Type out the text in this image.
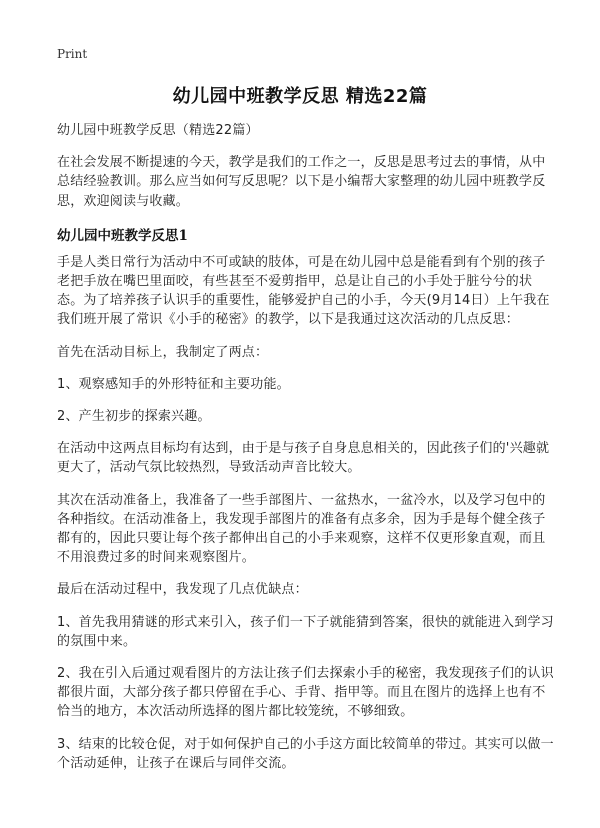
Print
幼儿园中班教学反思 精选22篇

幼儿园中班教学反思（精选22篇）

在社会发展不断提速的今天，教学是我们的工作之一，反思是思考过去的事情，从中总结经验教训。那么应当如何写反思呢？以下是小编帮大家整理的幼儿园中班教学反思，欢迎阅读与收藏。

幼儿园中班教学反思1

手是人类日常行为活动中不可或缺的肢体，可是在幼儿园中总是能看到有个别的孩子老把手放在嘴巴里面咬，有些甚至不爱剪指甲，总是让自己的小手处于脏兮兮的状态。为了培养孩子认识手的重要性，能够爱护自己的小手，今天(9月14日）上午我在我们班开展了常识《小手的秘密》的教学，以下是我通过这次活动的几点反思：

首先在活动目标上，我制定了两点：

1、观察感知手的外形特征和主要功能。

2、产生初步的探索兴趣。

在活动中这两点目标均有达到，由于是与孩子自身息息相关的，因此孩子们的'兴趣就更大了，活动气氛比较热烈，导致活动声音比较大。

其次在活动准备上，我准备了一些手部图片、一盆热水，一盆冷水，以及学习包中的各种指纹。在活动准备上，我发现手部图片的准备有点多余，因为手是每个健全孩子都有的，因此只要让每个孩子都伸出自己的小手来观察，这样不仅更形象直观，而且不用浪费过多的时间来观察图片。

最后在活动过程中，我发现了几点优缺点：

1、首先我用猜谜的形式来引入，孩子们一下子就能猜到答案，很快的就能进入到学习的氛围中来。

2、我在引入后通过观看图片的方法让孩子们去探索小手的秘密，我发现孩子们的认识都很片面，大部分孩子都只停留在手心、手背、指甲等。而且在图片的选择上也有不恰当的地方，本次活动所选择的图片都比较笼统，不够细致。

3、结束的比较仓促，对于如何保护自己的小手这方面比较简单的带过。其实可以做一个活动延伸，让孩子在课后与同伴交流。
